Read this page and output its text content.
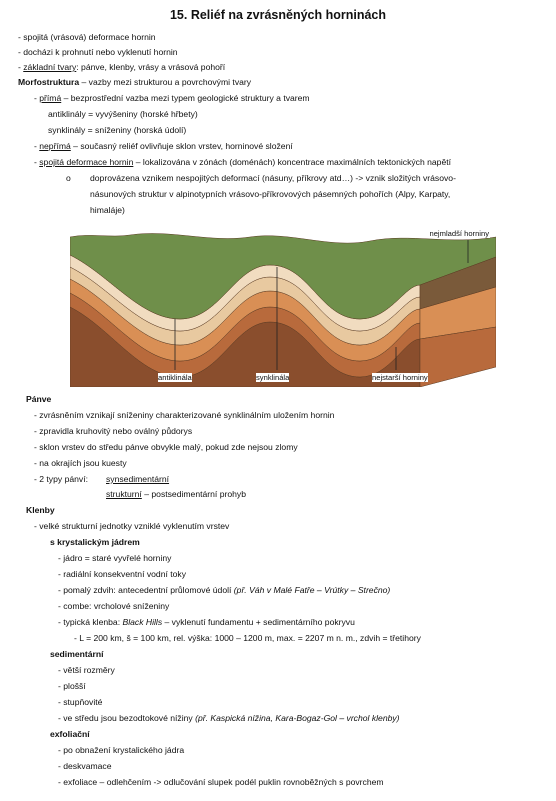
15. Reliéf na zvrásněných horninách
- spojitá (vrásová) deformace hornin
- docházi k prohnutí nebo vyklenutí hornin
- základní tvary: pánve, klenby, vrásy a vrásová pohoří
Morfostruktura – vazby mezi strukturou a povrchovými tvary
- přímá – bezprostřední vazba mezi typem geologické struktury a tvarem
antiklinály = vyvýšeniny (horské hřbety)
synklinály = sníženiny (horská údolí)
- nepřímá – současný reliéf ovlivňuje sklon vrstev, horninové složení
- spojitá deformace hornin – lokalizována v zónách (doménách) koncentrace maximálních tektonických napětí
o doprovázena vznikem nespojitých deformací (násuny, příkrovy atd…) -> vznik složitých vrásovo-
násunových struktur v alpinotypních vrásovo-příkrovových pásemných pohořích (Alpy, Karpaty,
himaláje)
nejmladší horniny
antiklinála	synklinála	nejstarší horniny
Pánve
- zvrásněním vznikají sníženiny charakterizované synklinálním uložením hornin
- zpravidla kruhovitý nebo oválný půdorys
- sklon vrstev do středu pánve obvykle malý, pokud zde nejsou zlomy
- na okrajích jsou kuesty
- 2 typy pánví: synsedimentární
strukturní – postsedimentární prohyb
Klenby
- velké strukturní jednotky vzniklé vyklenutím vrstev
s krystalickým jádrem
- jádro = staré vyvřelé horniny
- radiální konsekventní vodní toky
- pomalý zdvih: antecedentní průlomové údolí (př. Váh v Malé Fatře – Vrútky – Strečno)
- combe: vrcholové sníženiny
- typická klenba: Black Hills – vyklenutí fundamentu + sedimentárního pokryvu
- L = 200 km, š = 100 km, rel. výška: 1000 – 1200 m, max. = 2207 m n. m., zdvih = třetihory
sedimentární
- větší rozměry
- plošší
- stupňovité
- ve středu jsou bezodtokové nížiny (př. Kaspická nížina, Kara-Bogaz-Gol – vrchol klenby)
exfoliační
- po obnažení krystalického jádra
- deskvamace
- exfoliace – odlehčením -> odlučování slupek podél puklin rovnoběžných s povrchem
